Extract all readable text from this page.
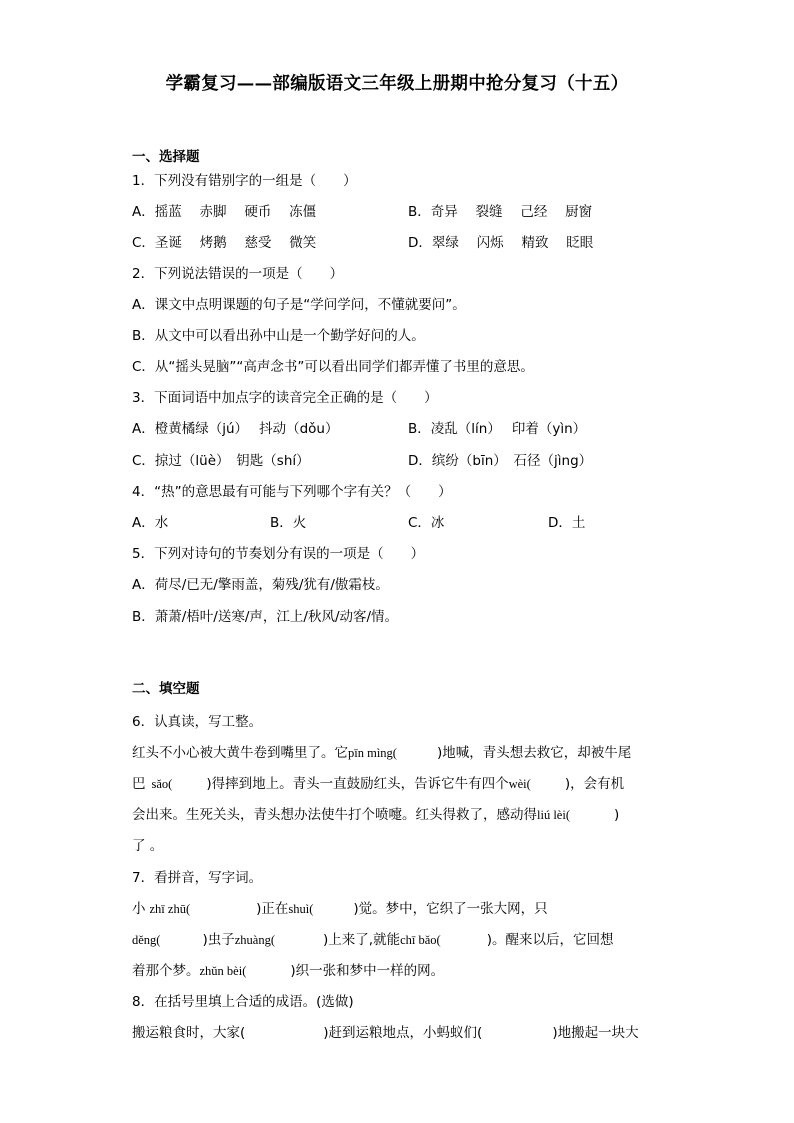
学霸复习——部编版语文三年级上册期中抢分复习（十五）
一、选择题
1．下列没有错别字的一组是（　　）
A．摇蓝　 赤脚　 硬币　 冻僵	B．奇异　 裂缝　 己经　 厨窗
C．圣诞　 烤鹅　 慈受　 微笑	D．翠绿　 闪烁　 精致　 眨眼
2．下列说法错误的一项是（　　）
A．课文中点明课题的句子是“学问学问，不懂就要问”。
B．从文中可以看出孙中山是一个勤学好问的人。
C．从“摇头晃脑”“高声念书”可以看出同学们都弄懂了书里的意思。
3．下面词语中加点字的读音完全正确的是（　　）
A．橙黄橘绿（jú）　 抖动（dǒu）	B．凌乱（lín）　 印着（yìn）
C．掠过（lüè）　钥匙（shí）	D．缤纷（bīn）　石径（jìng）
4．“热”的意思最有可能与下列哪个字有关？（　　）
A．水	B．火	C．冰	D．土
5．下列对诗句的节奏划分有误的一项是（　　）
A．荷尽/已无/擎雨盖，菊残/犹有/傲霜枝。
B．萧萧/梧叶/送寒/声，江上/秋风/动客/情。
二、填空题
6．认真读，写工整。
红头不小心被大黄牛卷到嘴里了。它pīn mìng(	)地喊，青头想去救它，却被牛尾
巴 sǎo(	)得摔到地上。青头一直鼓励红头，告诉它牛有四个wèi(	)，会有机
会出来。生死关头，青头想办法使牛打个喷嚏。红头得救了，感动得liú lèi(	)
了 。
7．看拼音，写字词。
小 zhī zhū(	)正在shuì(	)觉。梦中，它织了一张大网，只
děng(	)虫子zhuàng(	)上来了,就能chī bǎo(	)。醒来以后，它回想
着那个梦。zhǔn bèi(	)织一张和梦中一样的网。
8．在括号里填上合适的成语。(选做)
搬运粮食时，大家(	)赶到运粮地点，小蚂蚁们(	)地搬起一块大
